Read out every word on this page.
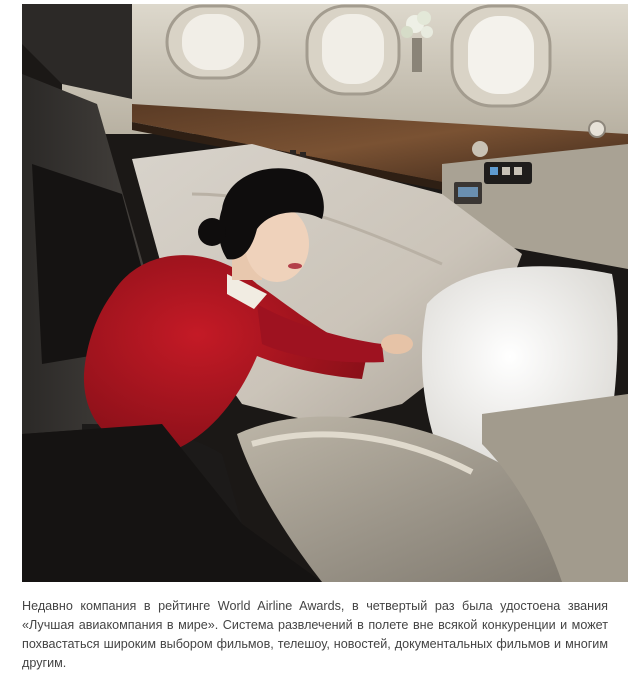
Недавно компания в рейтинге World Airline Awards, в четвертый раз была удостоена звания «Лучшая авиакомпания в мире». Система развлечений в полете вне всякой конкуренции и может похвастаться широким выбором фильмов, телешоу, новостей, документальных фильмов и многим другим.
